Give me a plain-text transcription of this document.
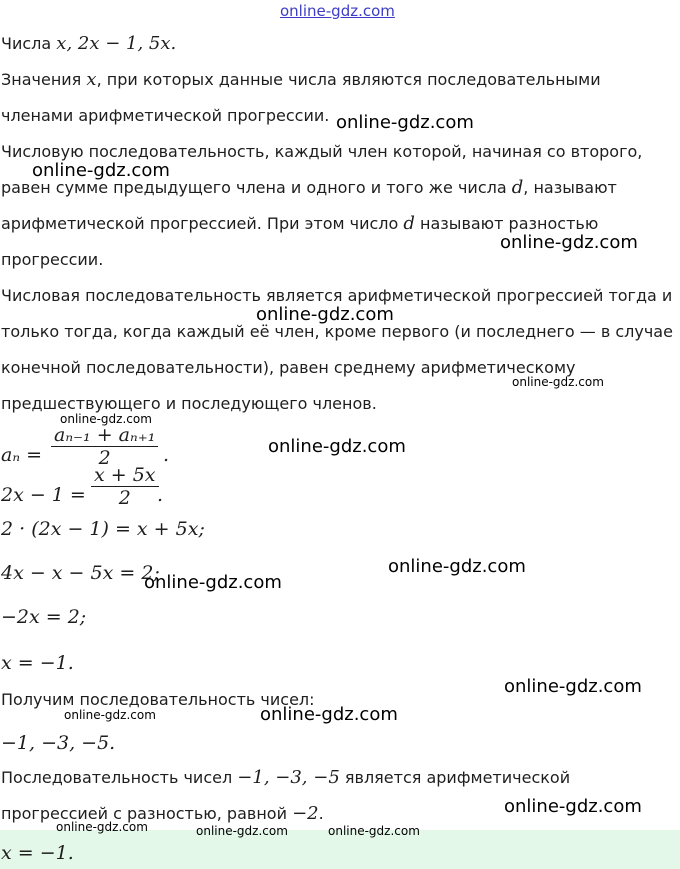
online-gdz.com
Числа x, 2x − 1, 5x.
Значения x, при которых данные числа являются последовательными
членами арифметической прогрессии.
Числовую последовательность, каждый член которой, начиная со второго,
равен сумме предыдущего члена и одного и того же числа d, называют
арифметической прогрессией. При этом число d называют разностью
прогрессии.
Числовая последовательность является арифметической прогрессией тогда и
только тогда, когда каждый её член, кроме первого (и последнего — в случае
конечной последовательности), равен среднему арифметическому
предшествующего и последующего членов.
$a_n = \frac{\text{aₙ₋₁ + aₙ₊₁}}{2}$ .
$2x - 1 = \frac{x + 5x}{2}$
.
2 · (2x − 1) = x + 5x;
4x − x − 5x = 2;
−2x = 2;
x = −1.
Получим последовательность чисел:
−1, −3, −5.
Последовательность чисел −1, −3, −5 является арифметической
прогрессией с разностью, равной −2.
x = −1.
online-gdz.com
online-gdz.com
online-gdz.com
online-gdz.com
online-gdz.com
online-gdz.com
online-gdz.com
online-gdz.com
online-gdz.com
online-gdz.com
online-gdz.com	online-gdz.com
online-gdz.com
online-gdz.com	online-gdz.com	online-gdz.com
